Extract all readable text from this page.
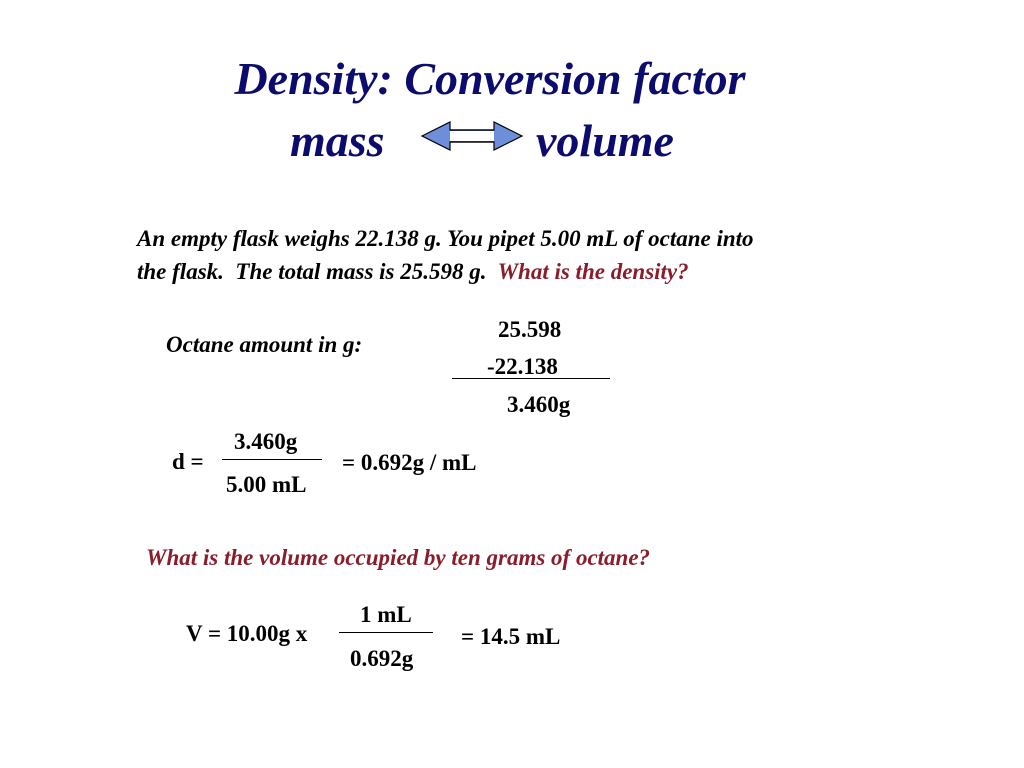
Density: Conversion factor
mass	volume
An empty flask weighs 22.138 g. You pipet 5.00 mL of octane into
the flask.  The total mass is 25.598 g.  What is the density?
Octane amount in g:
25.598
-22.138
3.460g
d =
3.460g
5.00 mL
= 0.692g / mL
What is the volume occupied by ten grams of octane?
V = 10.00g x
1 mL
0.692g
= 14.5 mL
